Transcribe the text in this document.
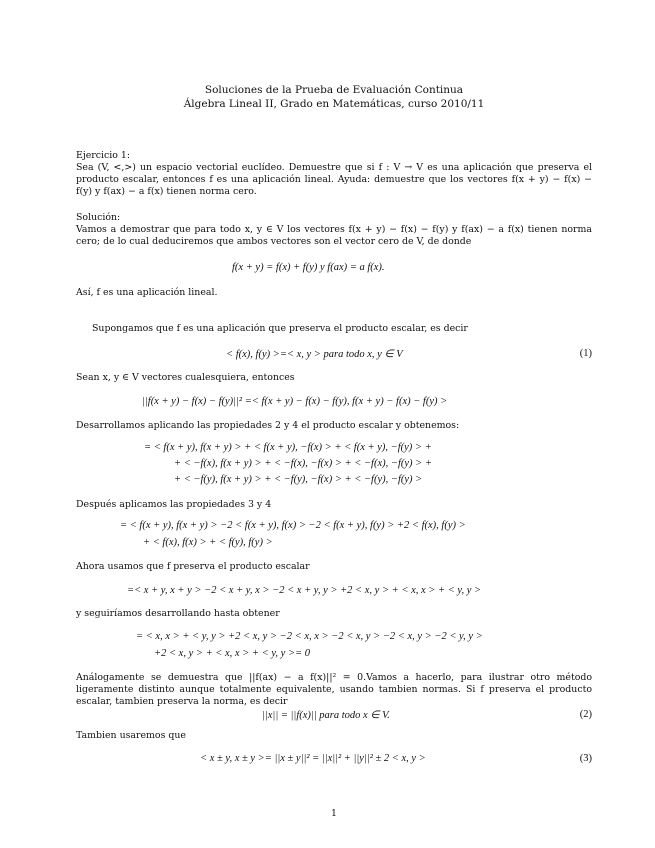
Soluciones de la Prueba de Evaluación Continua
Álgebra Lineal II, Grado en Matemáticas, curso 2010/11
Ejercicio 1:
Sea (V, <,>) un espacio vectorial euclídeo. Demuestre que si f : V → V es una aplicación que preserva el producto escalar, entonces f es una aplicación lineal. Ayuda: demuestre que los vectores f(x + y) − f(x) − f(y) y f(ax) − a f(x) tienen norma cero.
Solución:
Vamos a demostrar que para todo x, y ∈ V los vectores f(x + y) − f(x) − f(y) y f(ax) − a f(x) tienen norma cero; de lo cual deduciremos que ambos vectores son el vector cero de V, de donde
f(x + y) = f(x) + f(y) y f(ax) = a f(x).
Así, f es una aplicación lineal.
Supongamos que f es una aplicación que preserva el producto escalar, es decir
< f(x), f(y) >=< x, y > para todo x, y ∈ V	(1)
Sean x, y ∈ V vectores cualesquiera, entonces
||f(x + y) − f(x) − f(y)||² =< f(x + y) − f(x) − f(y), f(x + y) − f(x) − f(y) >
Desarrollamos aplicando las propiedades 2 y 4 el producto escalar y obtenemos:
= < f(x + y), f(x + y) > + < f(x + y), −f(x) > + < f(x + y), −f(y) > +
+ < −f(x), f(x + y) > + < −f(x), −f(x) > + < −f(x), −f(y) > +
+ < −f(y), f(x + y) > + < −f(y), −f(x) > + < −f(y), −f(y) >
Después aplicamos las propiedades 3 y 4
= < f(x + y), f(x + y) > −2 < f(x + y), f(x) > −2 < f(x + y), f(y) > +2 < f(x), f(y) >
+ < f(x), f(x) > + < f(y), f(y) >
Ahora usamos que f preserva el producto escalar
=< x + y, x + y > −2 < x + y, x > −2 < x + y, y > +2 < x, y > + < x, x > + < y, y >
y seguiríamos desarrollando hasta obtener
= < x, x > + < y, y > +2 < x, y > −2 < x, x > −2 < x, y > −2 < x, y > −2 < y, y >
+2 < x, y > + < x, x > + < y, y >= 0
Análogamente se demuestra que ||f(ax) − a f(x)||² = 0.Vamos a hacerlo, para ilustrar otro método ligeramente distinto aunque totalmente equivalente, usando tambien normas. Si f preserva el producto escalar, tambien preserva la norma, es decir
||x|| = ||f(x)|| para todo x ∈ V.	(2)
Tambien usaremos que
< x ± y, x ± y >= ||x ± y||² = ||x||² + ||y||² ± 2 < x, y >	(3)
1
